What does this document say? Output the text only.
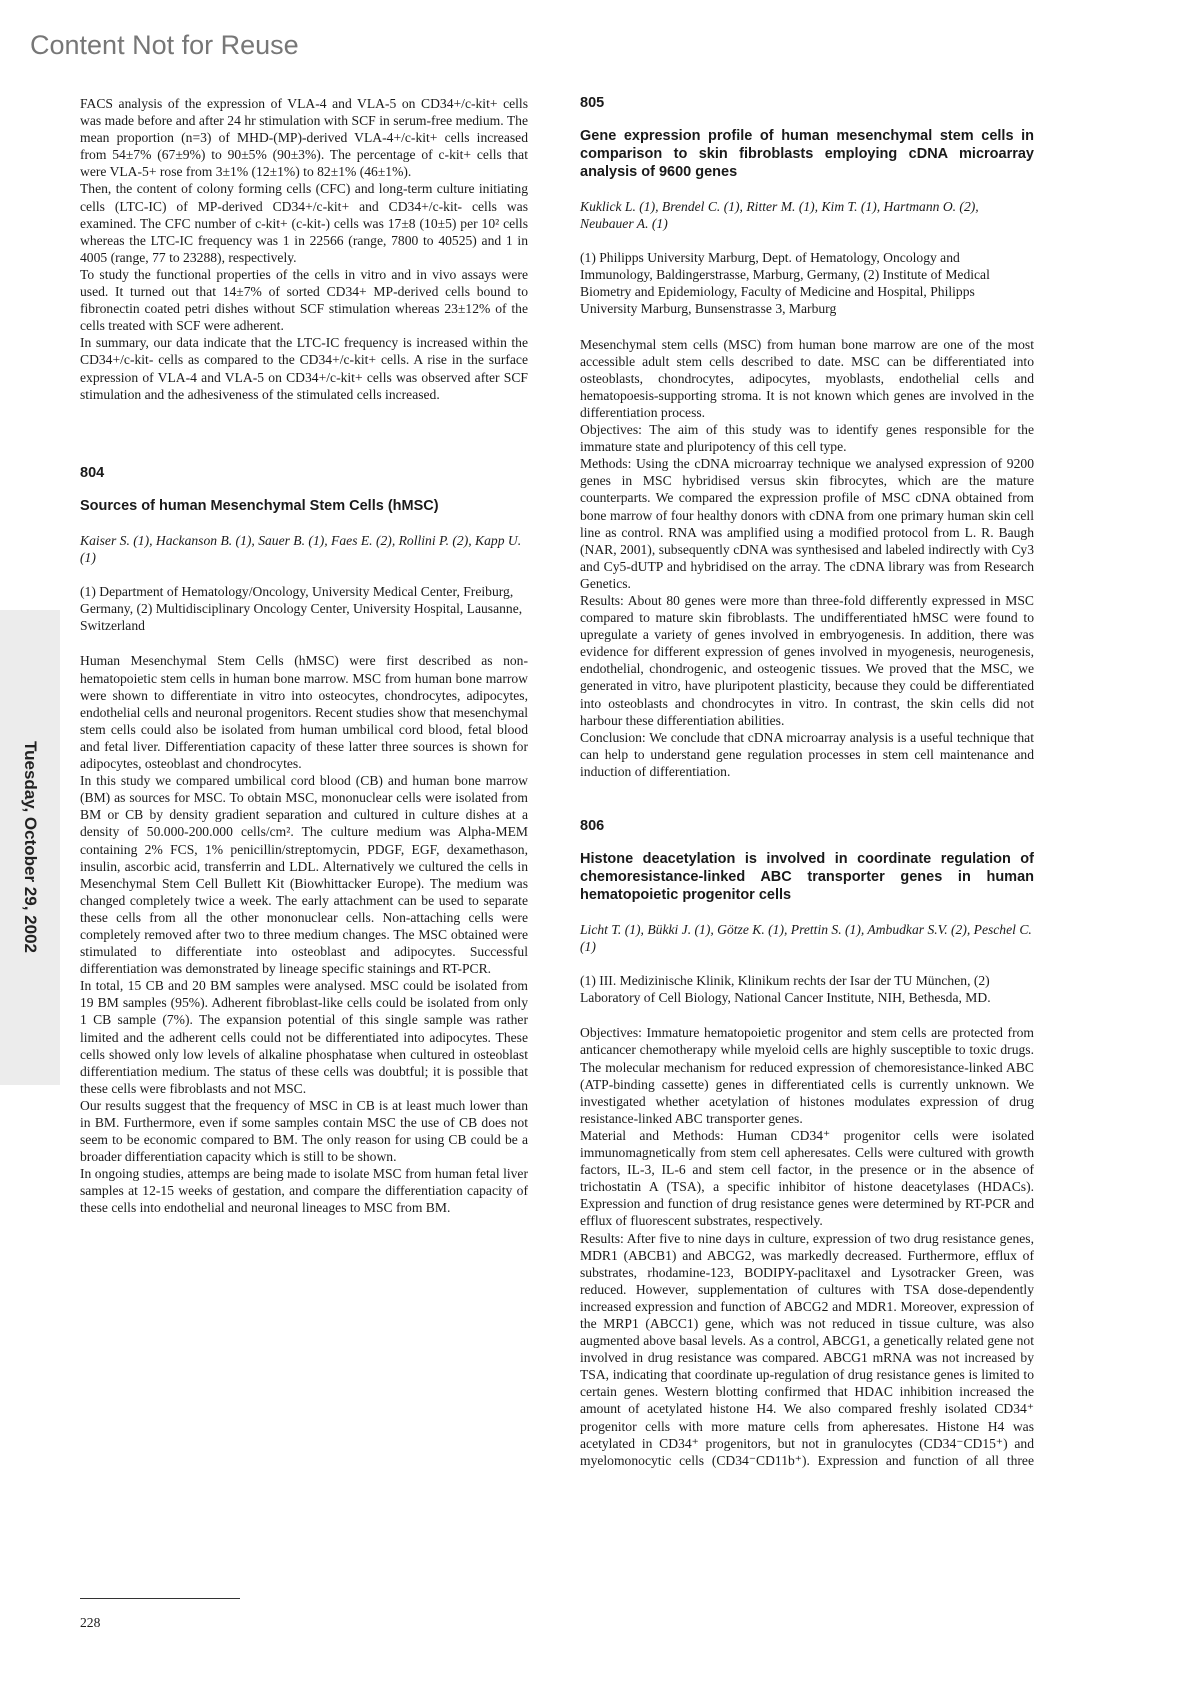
Content Not for Reuse
Tuesday, October 29, 2002

FACS analysis of the expression of VLA-4 and VLA-5 on CD34+/c-kit+ cells was made before and after 24 hr stimulation with SCF in serum-free medium. The mean proportion (n=3) of MHD-(MP)-derived VLA-4+/c-kit+ cells increased from 54±7% (67±9%) to 90±5% (90±3%). The percentage of c-kit+ cells that were VLA-5+ rose from 3±1% (12±1%) to 82±1% (46±1%).

Then, the content of colony forming cells (CFC) and long-term culture initiating cells (LTC-IC) of MP-derived CD34+/c-kit+ and CD34+/c-kit- cells was examined. The CFC number of c-kit+ (c-kit-) cells was 17±8 (10±5) per 10² cells whereas the LTC-IC frequency was 1 in 22566 (range, 7800 to 40525) and 1 in 4005 (range, 77 to 23288), respectively.

To study the functional properties of the cells in vitro and in vivo assays were used. It turned out that 14±7% of sorted CD34+ MP-derived cells bound to fibronectin coated petri dishes without SCF stimulation whereas 23±12% of the cells treated with SCF were adherent.

In summary, our data indicate that the LTC-IC frequency is increased within the CD34+/c-kit- cells as compared to the CD34+/c-kit+ cells. A rise in the surface expression of VLA-4 and VLA-5 on CD34+/c-kit+ cells was observed after SCF stimulation and the adhesiveness of the stimulated cells increased.

804

Sources of human Mesenchymal Stem Cells (hMSC)

Kaiser S. (1), Hackanson B. (1), Sauer B. (1), Faes E. (2), Rollini P. (2), Kapp U. (1)

(1) Department of Hematology/Oncology, University Medical Center, Freiburg, Germany, (2) Multidisciplinary Oncology Center, University Hospital, Lausanne, Switzerland

Human Mesenchymal Stem Cells (hMSC) were first described as non-hematopoietic stem cells in human bone marrow. MSC from human bone marrow were shown to differentiate in vitro into osteocytes, chondrocytes, adipocytes, endothelial cells and neuronal progenitors. Recent studies show that mesenchymal stem cells could also be isolated from human umbilical cord blood, fetal blood and fetal liver. Differentiation capacity of these latter three sources is shown for adipocytes, osteoblast and chondrocytes.

In this study we compared umbilical cord blood (CB) and human bone marrow (BM) as sources for MSC. To obtain MSC, mononuclear cells were isolated from BM or CB by density gradient separation and cultured in culture dishes at a density of 50.000-200.000 cells/cm². The culture medium was Alpha-MEM containing 2% FCS, 1% penicillin/streptomycin, PDGF, EGF, dexamethason, insulin, ascorbic acid, transferrin and LDL. Alternatively we cultured the cells in Mesenchymal Stem Cell Bullett Kit (Biowhittacker Europe). The medium was changed completely twice a week. The early attachment can be used to separate these cells from all the other mononuclear cells. Non-attaching cells were completely removed after two to three medium changes. The MSC obtained were stimulated to differentiate into osteoblast and adipocytes. Successful differentiation was demonstrated by lineage specific stainings and RT-PCR.

In total, 15 CB and 20 BM samples were analysed. MSC could be isolated from 19 BM samples (95%). Adherent fibroblast-like cells could be isolated from only 1 CB sample (7%). The expansion potential of this single sample was rather limited and the adherent cells could not be differentiated into adipocytes. These cells showed only low levels of alkaline phosphatase when cultured in osteoblast differentiation medium. The status of these cells was doubtful; it is possible that these cells were fibroblasts and not MSC.

Our results suggest that the frequency of MSC in CB is at least much lower than in BM. Furthermore, even if some samples contain MSC the use of CB does not seem to be economic compared to BM. The only reason for using CB could be a broader differentiation capacity which is still to be shown.

In ongoing studies, attemps are being made to isolate MSC from human fetal liver samples at 12-15 weeks of gestation, and compare the differentiation capacity of these cells into endothelial and neuronal lineages to MSC from BM.

805

Gene expression profile of human mesenchymal stem cells in comparison to skin fibroblasts employing cDNA microarray analysis of 9600 genes

Kuklick L. (1), Brendel C. (1), Ritter M. (1), Kim T. (1), Hartmann O. (2), Neubauer A. (1)

(1) Philipps University Marburg, Dept. of Hematology, Oncology and Immunology, Baldingerstrasse, Marburg, Germany, (2) Institute of Medical Biometry and Epidemiology, Faculty of Medicine and Hospital, Philipps University Marburg, Bunsenstrasse 3, Marburg

Mesenchymal stem cells (MSC) from human bone marrow are one of the most accessible adult stem cells described to date. MSC can be differentiated into osteoblasts, chondrocytes, adipocytes, myoblasts, endothelial cells and hematopoesis-supporting stroma. It is not known which genes are involved in the differentiation process.

Objectives: The aim of this study was to identify genes responsible for the immature state and pluripotency of this cell type.

Methods: Using the cDNA microarray technique we analysed expression of 9200 genes in MSC hybridised versus skin fibrocytes, which are the mature counterparts. We compared the expression profile of MSC cDNA obtained from bone marrow of four healthy donors with cDNA from one primary human skin cell line as control. RNA was amplified using a modified protocol from L. R. Baugh (NAR, 2001), subsequently cDNA was synthesised and labeled indirectly with Cy3 and Cy5-dUTP and hybridised on the array. The cDNA library was from Research Genetics.

Results: About 80 genes were more than three-fold differently expressed in MSC compared to mature skin fibroblasts. The undifferentiated hMSC were found to upregulate a variety of genes involved in embryogenesis. In addition, there was evidence for different expression of genes involved in myogenesis, neurogenesis, endothelial, chondrogenic, and osteogenic tissues. We proved that the MSC, we generated in vitro, have pluripotent plasticity, because they could be differentiated into osteoblasts and chondrocytes in vitro. In contrast, the skin cells did not harbour these differentiation abilities.

Conclusion: We conclude that cDNA microarray analysis is a useful technique that can help to understand gene regulation processes in stem cell maintenance and induction of differentiation.

806

Histone deacetylation is involved in coordinate regulation of chemoresistance-linked ABC transporter genes in human hematopoietic progenitor cells

Licht T. (1), Bükki J. (1), Götze K. (1), Prettin S. (1), Ambudkar S.V. (2), Peschel C. (1)

(1) III. Medizinische Klinik, Klinikum rechts der Isar der TU München, (2) Laboratory of Cell Biology, National Cancer Institute, NIH, Bethesda, MD.

Objectives: Immature hematopoietic progenitor and stem cells are protected from anticancer chemotherapy while myeloid cells are highly susceptible to toxic drugs. The molecular mechanism for reduced expression of chemoresistance-linked ABC (ATP-binding cassette) genes in differentiated cells is currently unknown. We investigated whether acetylation of histones modulates expression of drug resistance-linked ABC transporter genes.

Material and Methods: Human CD34⁺ progenitor cells were isolated immunomagnetically from stem cell apheresates. Cells were cultured with growth factors, IL-3, IL-6 and stem cell factor, in the presence or in the absence of trichostatin A (TSA), a specific inhibitor of histone deacetylases (HDACs). Expression and function of drug resistance genes were determined by RT-PCR and efflux of fluorescent substrates, respectively.

Results: After five to nine days in culture, expression of two drug resistance genes, MDR1 (ABCB1) and ABCG2, was markedly decreased. Furthermore, efflux of substrates, rhodamine-123, BODIPY-paclitaxel and Lysotracker Green, was reduced. However, supplementation of cultures with TSA dose-dependently increased expression and function of ABCG2 and MDR1. Moreover, expression of the MRP1 (ABCC1) gene, which was not reduced in tissue culture, was also augmented above basal levels. As a control, ABCG1, a genetically related gene not involved in drug resistance was compared. ABCG1 mRNA was not increased by TSA, indicating that coordinate up-regulation of drug resistance genes is limited to certain genes. Western blotting confirmed that HDAC inhibition increased the amount of acetylated histone H4. We also compared freshly isolated CD34⁺ progenitor cells with more mature cells from apheresates. Histone H4 was acetylated in CD34⁺ progenitors, but not in granulocytes (CD34⁻CD15⁺) and myelomonocytic cells (CD34⁻CD11b⁺). Expression and function of all three

228
